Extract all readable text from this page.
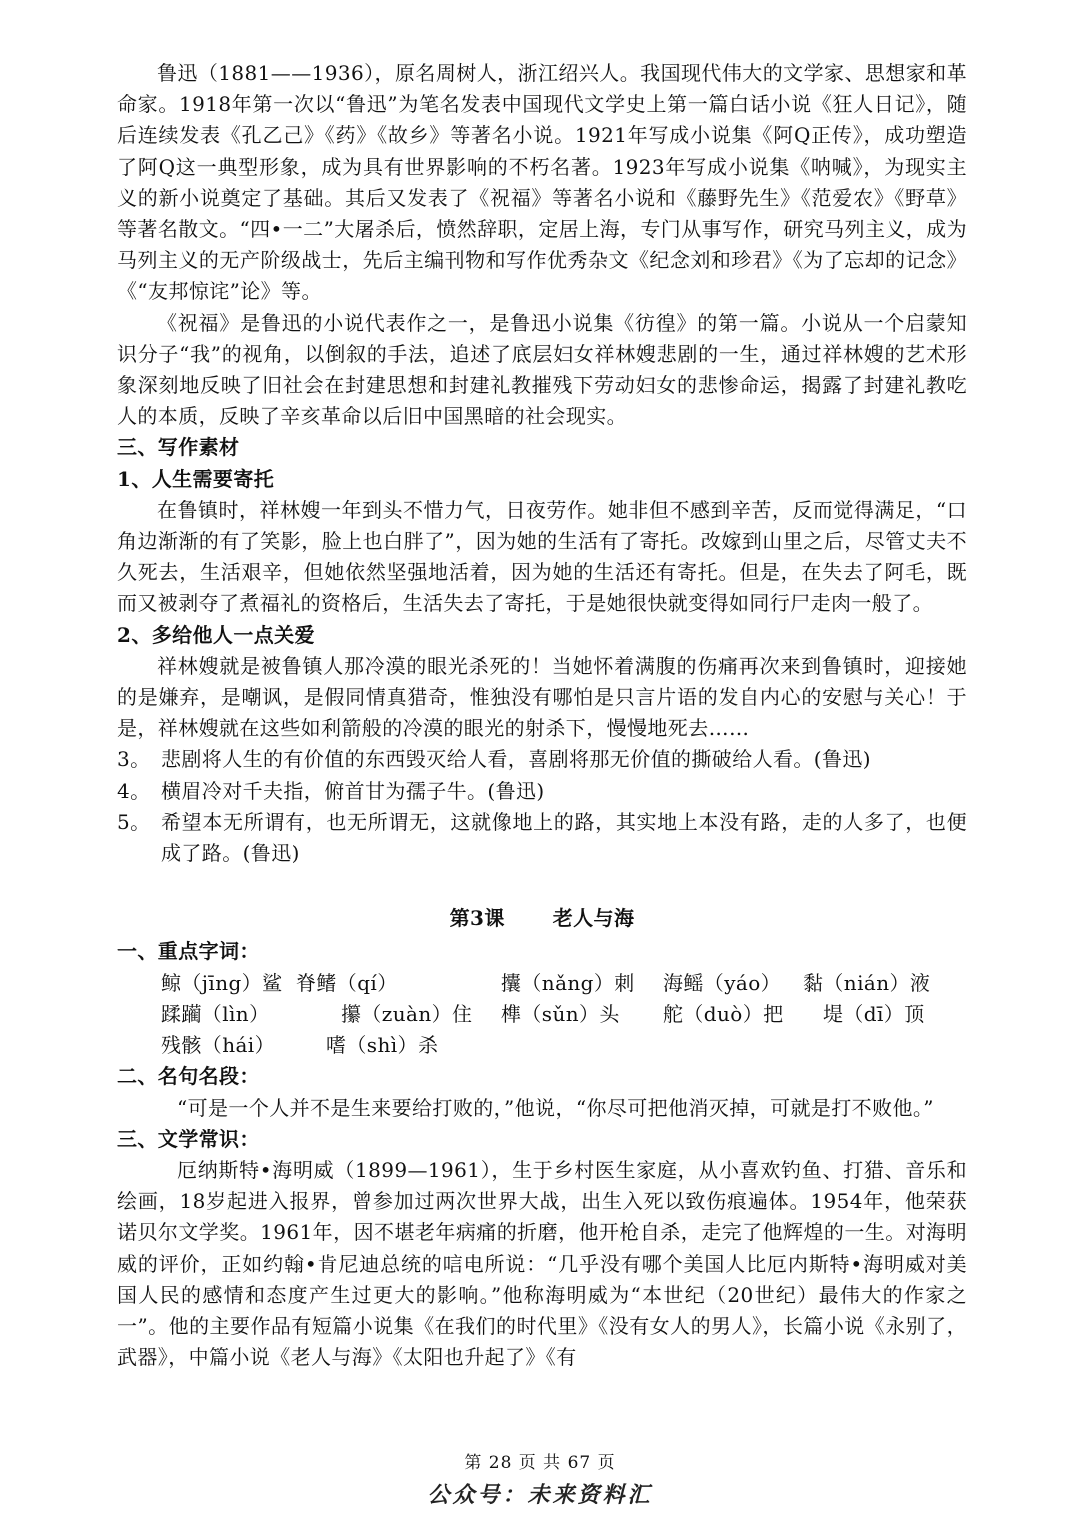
鲁迅（1881——1936），原名周树人，浙江绍兴人。我国现代伟大的文学家、思想家和革命家。1918年第一次以“鲁迅”为笔名发表中国现代文学史上第一篇白话小说《狂人日记》，随后连续发表《孔乙己》《药》《故乡》等著名小说。1921年写成小说集《阿Q正传》，成功塑造了阿Q这一典型形象，成为具有世界影响的不朽名著。1923年写成小说集《呐喊》，为现实主义的新小说奠定了基础。其后又发表了《祝福》等著名小说和《藤野先生》《范爱农》《野草》等著名散文。“四•一二”大屠杀后，愤然辞职，定居上海，专门从事写作，研究马列主义，成为马列主义的无产阶级战士，先后主编刊物和写作优秀杂文《纪念刘和珍君》《为了忘却的记念》《“友邦惊诧”论》等。

《祝福》是鲁迅的小说代表作之一，是鲁迅小说集《彷徨》的第一篇。小说从一个启蒙知识分子“我”的视角，以倒叙的手法，追述了底层妇女祥林嫂悲剧的一生，通过祥林嫂的艺术形象深刻地反映了旧社会在封建思想和封建礼教摧残下劳动妇女的悲惨命运，揭露了封建礼教吃人的本质，反映了辛亥革命以后旧中国黑暗的社会现实。

三、写作素材

1、人生需要寄托

在鲁镇时，祥林嫂一年到头不惜力气，日夜劳作。她非但不感到辛苦，反而觉得满足，“口角边渐渐的有了笑影，脸上也白胖了”，因为她的生活有了寄托。改嫁到山里之后，尽管丈夫不久死去，生活艰辛，但她依然坚强地活着，因为她的生活还有寄托。但是，在失去了阿毛，既而又被剥夺了煮福礼的资格后，生活失去了寄托，于是她很快就变得如同行尸走肉一般了。

2、多给他人一点关爱

祥林嫂就是被鲁镇人那冷漠的眼光杀死的！当她怀着满腹的伤痛再次来到鲁镇时，迎接她的是嫌弃，是嘲讽，是假同情真猎奇，惟独没有哪怕是只言片语的发自内心的安慰与关心！于是，祥林嫂就在这些如利箭般的冷漠的眼光的射杀下，慢慢地死去……

3。 悲剧将人生的有价值的东西毁灭给人看，喜剧将那无价值的撕破给人看。(鲁迅)
4。 横眉冷对千夫指，俯首甘为孺子牛。(鲁迅)
5。 希望本无所谓有，也无所谓无，这就像地上的路，其实地上本没有路，走的人多了，也便成了路。(鲁迅)

第3课 老人与海

一、重点字词：

鲸（jīng）鲨 脊鳍（qí）	攮（nǎng）刺	海鳐（yáo）	黏（nián）液
蹂躏（lìn）	攥（zuàn）住	榫（sǔn）头	舵（duò）把	堤（dī）顶
残骸（hái）	嗜（shì）杀

二、名句名段：

“可是一个人并不是生来要给打败的，”他说，“你尽可把他消灭掉，可就是打不败他。”

三、文学常识：

厄纳斯特•海明威（1899—1961），生于乡村医生家庭，从小喜欢钓鱼、打猎、音乐和绘画，18岁起进入报界，曾参加过两次世界大战，出生入死以致伤痕遍体。1954年，他荣获诺贝尔文学奖。1961年，因不堪老年病痛的折磨，他开枪自杀，走完了他辉煌的一生。对海明威的评价，正如约翰•肯尼迪总统的唁电所说：“几乎没有哪个美国人比厄内斯特•海明威对美国人民的感情和态度产生过更大的影响。”他称海明威为“本世纪（20世纪）最伟大的作家之一”。他的主要作品有短篇小说集《在我们的时代里》《没有女人的男人》，长篇小说《永别了，武器》，中篇小说《老人与海》《太阳也升起了》《有

第 28 页 共 67 页
公众号：未来资料汇
